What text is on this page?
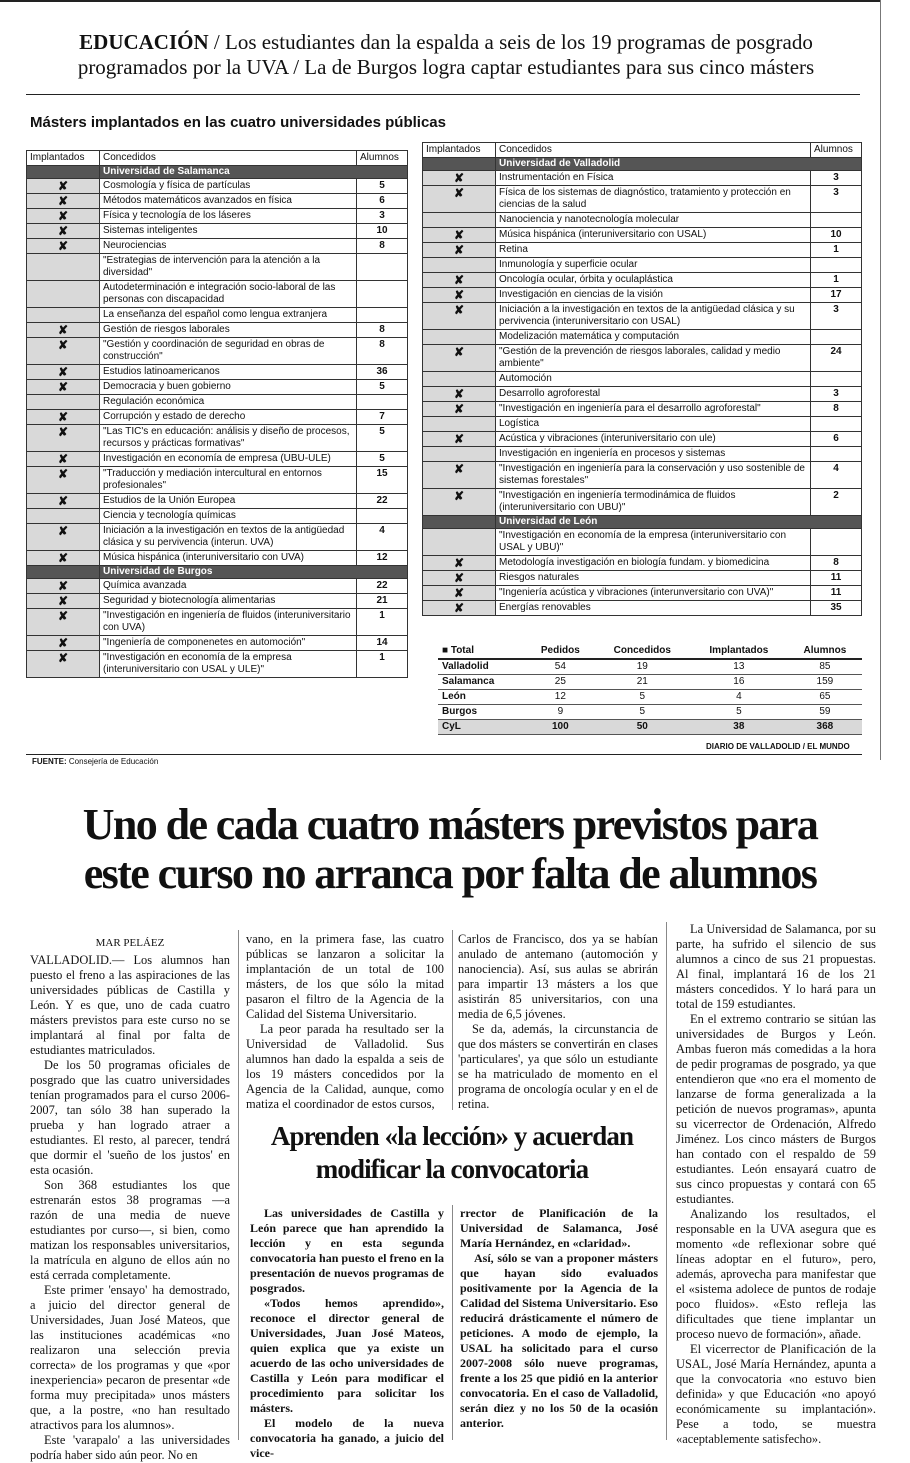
EDUCACIÓN / Los estudiantes dan la espalda a seis de los 19 programas de posgrado
programados por la UVA / La de Burgos logra captar estudiantes para sus cinco másters
Másters implantados en las cuatro universidades públicas
Implantados	Concedidos	Alumnos
	Universidad de Salamanca	
✘	Cosmología y física de partículas	5
✘	Métodos matemáticos avanzados en física	6
✘	Física y tecnología de los láseres	3
✘	Sistemas inteligentes	10
✘	Neurociencias	8
	"Estrategias de intervención para la atención a la diversidad"	
	Autodeterminación e integración socio-laboral de las personas con discapacidad	
	La enseñanza del español como lengua extranjera	
✘	Gestión de riesgos laborales	8
✘	"Gestión y coordinación de seguridad en obras de construcción"	8
✘	Estudios latinoamericanos	36
✘	Democracia y buen gobierno	5
	Regulación económica	
✘	Corrupción y estado de derecho	7
✘	"Las TIC's en educación: análisis y diseño de procesos, recursos y prácticas formativas"	5
✘	Investigación en economía de empresa (UBU-ULE)	5
✘	"Traducción y mediación intercultural en entornos profesionales"	15
✘	Estudios de la Unión Europea	22
	Ciencia y tecnología químicas	
✘	Iniciación a la investigación en textos de la antigüedad clásica y su pervivencia (interun. UVA)	4
✘	Música hispánica (interuniversitario con UVA)	12
	Universidad de Burgos	
✘	Química avanzada	22
✘	Seguridad y biotecnología alimentarias	21
✘	"Investigación en ingeniería de fluidos (interuniversitario con UVA)	1
✘	"Ingeniería de componenetes en automoción"	14
✘	"Investigación en economía de la empresa (interuniversitario con USAL y ULE)"	1
Implantados	Concedidos	Alumnos
	Universidad de Valladolid	
✘	Instrumentación en Física	3
✘	Física de los sistemas de diagnóstico, tratamiento y protección en ciencias de la salud	3
	Nanociencia y nanotecnología molecular	
✘	Música hispánica (interuniversitario con USAL)	10
✘	Retina	1
	Inmunología y superficie ocular	
✘	Oncología ocular, órbita y oculaplástica	1
✘	Investigación en ciencias de la visión	17
✘	Iniciación a la investigación en textos de la antigüedad clásica y su pervivencia (interuniversitario con USAL)	3
	Modelización matemática y computación	
✘	"Gestión de la prevención de riesgos laborales, calidad y medio ambiente"	24
	Automoción	
✘	Desarrollo agroforestal	3
✘	"Investigación en ingeniería para el desarrollo agroforestal"	8
	Logística	
✘	Acústica y vibraciones (interuniversitario con ule)	6
	Investigación en ingeniería en procesos y sistemas	
✘	"Investigación en ingeniería para la conservación y uso sostenible de sistemas forestales"	4
✘	"Investigación en ingeniería termodinámica de fluidos (interuniversitario con UBU)"	2
	Universidad de León	
	"Investigación en economía de la empresa (interuniversitario con USAL y UBU)"	
✘	Metodología investigación en biología fundam. y biomedicina	8
✘	Riesgos naturales	11
✘	"Ingeniería acústica y vibraciones (interunversitario con UVA)"	11
✘	Energías renovables	35
■ Total	Pedidos	Concedidos	Implantados	Alumnos
Valladolid	54	19	13	85
Salamanca	25	21	16	159
León	12	5	4	65
Burgos	9	5	5	59
CyL	100	50	38	368
FUENTE: Consejería de Educación
DIARIO DE VALLADOLID / EL MUNDO
Uno de cada cuatro másters previstos para
este curso no arranca por falta de alumnos
MAR PELÁEZ

VALLADOLID.— Los alumnos han puesto el freno a las aspiraciones de las universidades públicas de Castilla y León. Y es que, uno de cada cuatro másters previstos para este curso no se implantará al final por falta de estudiantes matriculados.

De los 50 programas oficiales de posgrado que las cuatro universidades tenían programados para el curso 2006-2007, tan sólo 38 han superado la prueba y han logrado atraer a estudiantes. El resto, al parecer, tendrá que dormir el 'sueño de los justos' en esta ocasión.

Son 368 estudiantes los que estrenarán estos 38 programas —a razón de una media de nueve estudiantes por curso—, si bien, como matizan los responsables universitarios, la matrícula en alguno de ellos aún no está cerrada completamente.

Este primer 'ensayo' ha demostrado, a juicio del director general de Universidades, Juan José Mateos, que las instituciones académicas «no realizaron una selección previa correcta» de los programas y que «por inexperiencia» pecaron de presentar «de forma muy precipitada» unos másters que, a la postre, «no han resultado atractivos para los alumnos».

Este 'varapalo' a las universidades podría haber sido aún peor. No en

vano, en la primera fase, las cuatro públicas se lanzaron a solicitar la implantación de un total de 100 másters, de los que sólo la mitad pasaron el filtro de la Agencia de la Calidad del Sistema Universitario.

La peor parada ha resultado ser la Universidad de Valladolid. Sus alumnos han dado la espalda a seis de los 19 másters concedidos por la Agencia de la Calidad, aunque, como matiza el coordinador de estos cursos,

Carlos de Francisco, dos ya se habían anulado de antemano (automoción y nanociencia). Así, sus aulas se abrirán para impartir 13 másters a los que asistirán 85 universitarios, con una media de 6,5 jóvenes.

Se da, además, la circunstancia de que dos másters se convertirán en clases 'particulares', ya que sólo un estudiante se ha matriculado de momento en el programa de oncología ocular y en el de retina.

La Universidad de Salamanca, por su parte, ha sufrido el silencio de sus alumnos a cinco de sus 21 propuestas. Al final, implantará 16 de los 21 másters concedidos. Y lo hará para un total de 159 estudiantes.

En el extremo contrario se sitúan las universidades de Burgos y León. Ambas fueron más comedidas a la hora de pedir programas de posgrado, ya que entendieron que «no era el momento de lanzarse de forma generalizada a la petición de nuevos programas», apunta su vicerrector de Ordenación, Alfredo Jiménez. Los cinco másters de Burgos han contado con el respaldo de 59 estudiantes. León ensayará cuatro de sus cinco propuestas y contará con 65 estudiantes.

Analizando los resultados, el responsable en la UVA asegura que es momento «de reflexionar sobre qué líneas adoptar en el futuro», pero, además, aprovecha para manifestar que el «sistema adolece de puntos de rodaje poco fluidos». «Esto refleja las dificultades que tiene implantar un proceso nuevo de formación», añade.

El vicerrector de Planificación de la USAL, José María Hernández, apunta a que la convocatoria «no estuvo bien definida» y que Educación «no apoyó económicamente su implantación». Pese a todo, se muestra «aceptablemente satisfecho».

Aprenden «la lección» y acuerdan
modificar la convocatoria

Las universidades de Castilla y León parece que han aprendido la lección y en esta segunda convocatoria han puesto el freno en la presentación de nuevos programas de posgrados.

«Todos hemos aprendido», reconoce el director general de Universidades, Juan José Mateos, quien explica que ya existe un acuerdo de las ocho universidades de Castilla y León para modificar el procedimiento para solicitar los másters.

El modelo de la nueva convocatoria ha ganado, a juicio del vice-

rrector de Planificación de la Universidad de Salamanca, José María Hernández, en «claridad».

Así, sólo se van a proponer másters que hayan sido evaluados positivamente por la Agencia de la Calidad del Sistema Universitario. Eso reducirá drásticamente el número de peticiones. A modo de ejemplo, la USAL ha solicitado para el curso 2007-2008 sólo nueve programas, frente a los 25 que pidió en la anterior convocatoria. En el caso de Valladolid, serán diez y no los 50 de la ocasión anterior.
